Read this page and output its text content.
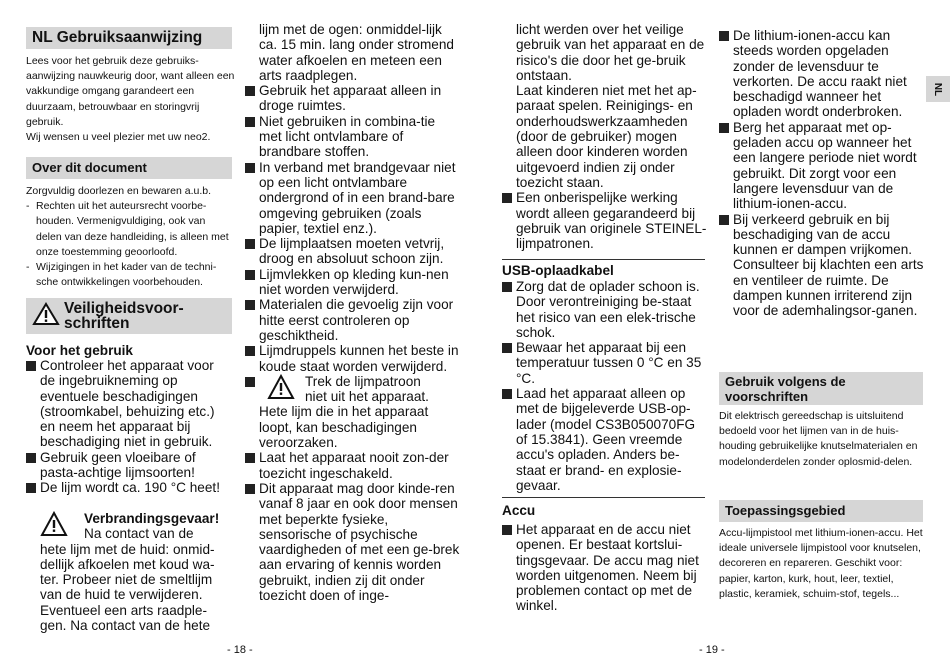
NL Gebruiksaanwijzing

Lees voor het gebruik deze gebruiks-aanwijzing nauwkeurig door, want alleen een vakkundige omgang garandeert een duurzaam, betrouwbaar en storingvrij gebruik.

Wij wensen u veel plezier met uw neo2.

Over dit document

Zorgvuldig doorlezen en bewaren a.u.b.

- Rechten uit het auteursrecht voorbe-houden. Vermenigvuldiging, ook van delen van deze handleiding, is alleen met onze toestemming geoorloofd.
- Wijzigingen in het kader van de techni-sche ontwikkelingen voorbehouden.
Veiligheidsvoor-
schriften
Voor het gebruik
Controleer het apparaat voor de ingebruikneming op eventuele beschadigingen (stroomkabel, behuizing etc.) en neem het apparaat bij beschadiging niet in gebruik.
Gebruik geen vloeibare of pasta-achtige lijmsoorten!
De lijm wordt ca. 190 °C heet!
Verbrandingsgevaar!
Na contact van de

hete lijm met de huid: onmid-dellijk afkoelen met koud wa-ter. Probeer niet de smeltlijm van de huid te verwijderen. Eventueel een arts raadple-gen. Na contact van de hete

lijm met de ogen: onmiddel-lijk ca. 15 min. lang onder stromend water afkoelen en meteen een arts raadplegen.

Gebruik het apparaat alleen in droge ruimtes.
Niet gebruiken in combina-tie met licht ontvlambare of brandbare stoffen.
In verband met brandgevaar niet op een licht ontvlambare ondergrond of in een brand-bare omgeving gebruiken (zoals papier, textiel enz.).
De lijmplaatsen moeten vetvrij, droog en absoluut schoon zijn.
Lijmvlekken op kleding kun-nen niet worden verwijderd.
Materialen die gevoelig zijn voor hitte eerst controleren op geschiktheid.
Lijmdruppels kunnen het beste in koude staat worden verwijderd.
Trek de lijmpatroon
niet uit het apparaat.

Hete lijm die in het apparaat loopt, kan beschadigingen veroorzaken.

Laat het apparaat nooit zon-der toezicht ingeschakeld.
Dit apparaat mag door kinde-ren vanaf 8 jaar en ook door mensen met beperkte fysieke, sensorische of psychische vaardigheden of met een ge-brek aan ervaring of kennis worden gebruikt, indien zij dit onder toezicht doen of inge-
- 18 -

licht werden over het veilige gebruik van het apparaat en de risico's die door het ge-bruik ontstaan.

Laat kinderen niet met het ap-paraat spelen. Reinigings- en onderhoudswerkzaamheden (door de gebruiker) mogen alleen door kinderen worden uitgevoerd indien zij onder toezicht staan.

Een onberispelijke werking wordt alleen gegarandeerd bij gebruik van originele STEINEL-lijmpatronen.
USB-oplaadkabel
Zorg dat de oplader schoon is. Door verontreiniging be-staat het risico van een elek-trische schok.
Bewaar het apparaat bij een temperatuur tussen 0 °C en 35 °C.
Laad het apparaat alleen op met de bijgeleverde USB-op-lader (model CS3B050070FG of 15.3841). Geen vreemde accu's opladen. Anders be-staat er brand- en explosie-gevaar.
Accu
Het apparaat en de accu niet openen. Er bestaat kortslui-tingsgevaar. De accu mag niet worden uitgenomen. Neem bij problemen contact op met de winkel.
De lithium-ionen-accu kan steeds worden opgeladen zonder de levensduur te verkorten. De accu raakt niet beschadigd wanneer het opladen wordt onderbroken.
Berg het apparaat met op-geladen accu op wanneer het een langere periode niet wordt gebruikt. Dit zorgt voor een langere levensduur van de lithium-ionen-accu.
Bij verkeerd gebruik en bij beschadiging van de accu kunnen er dampen vrijkomen. Consulteer bij klachten een arts en ventileer de ruimte. De dampen kunnen irriterend zijn voor de ademhalingsor-ganen.
Gebruik volgens de
voorschriften

Dit elektrisch gereedschap is uitsluitend bedoeld voor het lijmen van in de huis-houding gebruikelijke knutselmaterialen en modelonderdelen zonder oplosmid-delen.

Toepassingsgebied

Accu-lijmpistool met lithium-ionen-accu. Het ideale universele lijmpistool voor knutselen, decoreren en repareren. Geschikt voor: papier, karton, kurk, hout, leer, textiel, plastic, keramiek, schuim-stof, tegels...

NL
- 19 -
